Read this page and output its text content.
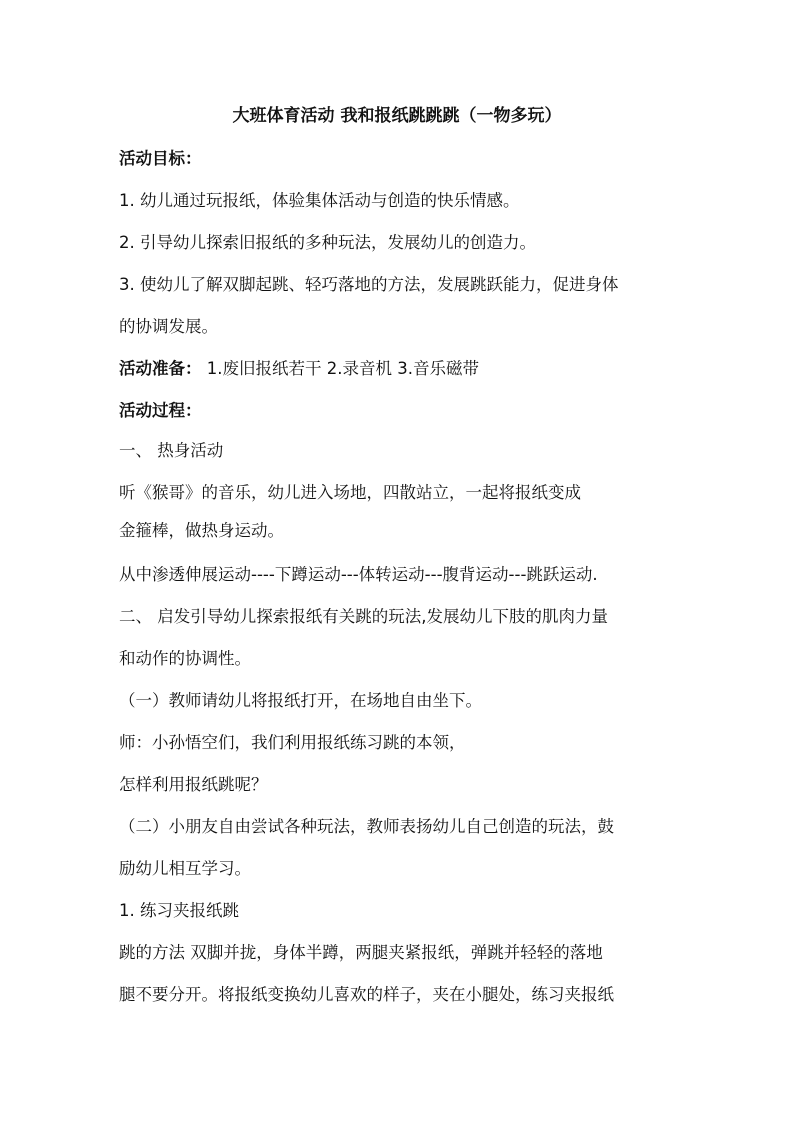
大班体育活动 我和报纸跳跳跳（一物多玩）
活动目标：
1. 幼儿通过玩报纸，体验集体活动与创造的快乐情感。
2. 引导幼儿探索旧报纸的多种玩法，发展幼儿的创造力。
3. 使幼儿了解双脚起跳、轻巧落地的方法，发展跳跃能力，促进身体
的协调发展。
活动准备： 1.废旧报纸若干 2.录音机 3.音乐磁带
活动过程：
一、 热身活动
听《猴哥》的音乐，幼儿进入场地，四散站立，一起将报纸变成
金箍棒，做热身运动。
从中渗透伸展运动----下蹲运动---体转运动---腹背运动---跳跃运动.
二、 启发引导幼儿探索报纸有关跳的玩法,发展幼儿下肢的肌肉力量
和动作的协调性。
（一）教师请幼儿将报纸打开，在场地自由坐下。
师：小孙悟空们，我们利用报纸练习跳的本领，
怎样利用报纸跳呢？
（二）小朋友自由尝试各种玩法，教师表扬幼儿自己创造的玩法，鼓
励幼儿相互学习。
1. 练习夹报纸跳
跳的方法 双脚并拢，身体半蹲，两腿夹紧报纸，弹跳并轻轻的落地
腿不要分开。将报纸变换幼儿喜欢的样子，夹在小腿处，练习夹报纸
